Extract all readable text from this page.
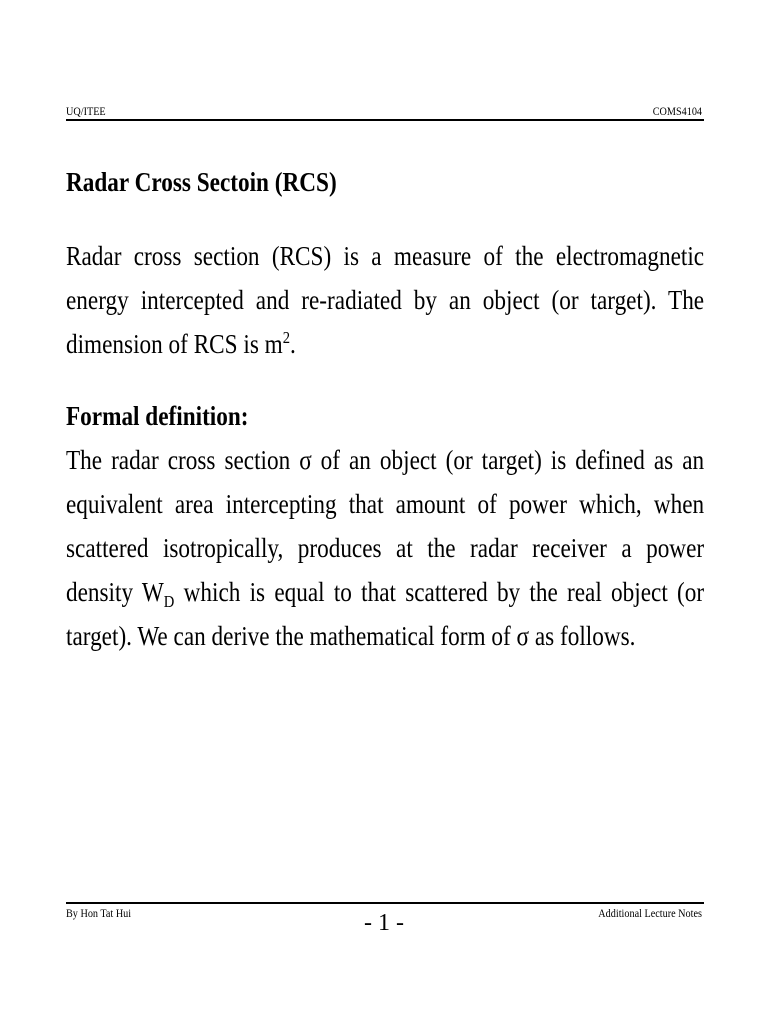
UQ/ITEE	COMS4104

Radar Cross Sectoin (RCS)

Radar cross section (RCS) is a measure of the electromagnetic energy intercepted and re-radiated by an object (or target). The dimension of RCS is $m^2$.

Formal definition:

The radar cross section σ of an object (or target) is defined as an equivalent area intercepting that amount of power which, when scattered isotropically, produces at the radar receiver a power density $W_D$ which is equal to that scattered by the real object (or target). We can derive the mathematical form of σ as follows.

By Hon Tat Hui	- 1 -	Additional Lecture Notes
